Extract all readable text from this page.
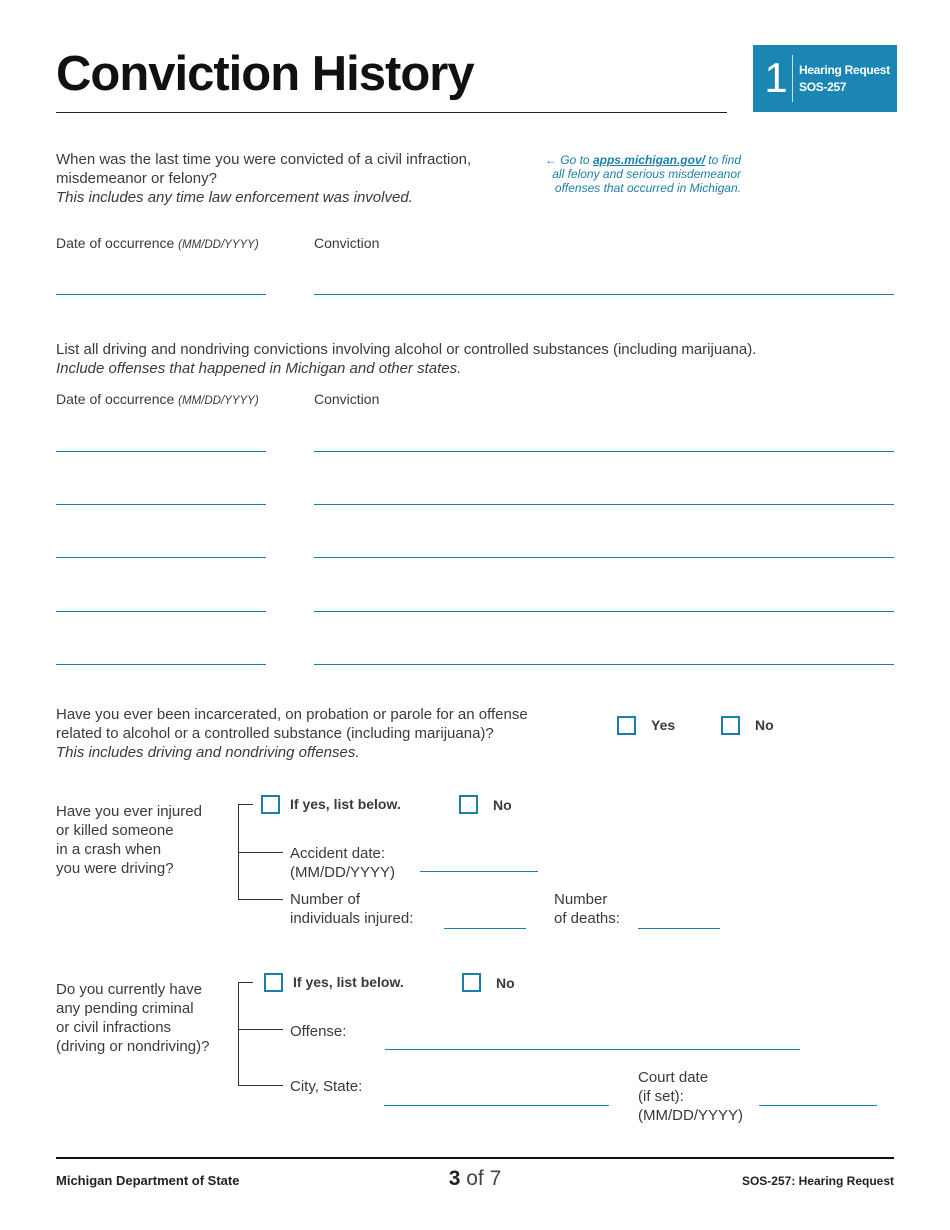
Conviction History	1 Hearing Request
SOS-257
When was the last time you were convicted of a civil infraction,
misdemeanor or felony?
This includes any time law enforcement was involved.
← Go to apps.michigan.gov/ to find all felony and serious misdemeanor offenses that occurred in Michigan.
Date of occurrence (MM/DD/YYYY)	Conviction
List all driving and nondriving convictions involving alcohol or controlled substances (including marijuana).
Include offenses that happened in Michigan and other states.
Date of occurrence (MM/DD/YYYY)	Conviction
Have you ever been incarcerated, on probation or parole for an offense
related to alcohol or a controlled substance (including marijuana)?
This includes driving and nondriving offenses.
Yes	No
Have you ever injured
or killed someone
in a crash when
you were driving?
If yes, list below.	No
Accident date:
(MM/DD/YYYY)
Number of
individuals injured:
Number
of deaths:
Do you currently have
any pending criminal
or civil infractions
(driving or nondriving)?
If yes, list below.	No
Offense:
City, State:
Court date
(if set):
(MM/DD/YYYY)
Michigan Department of State	3 of 7	SOS-257: Hearing Request
